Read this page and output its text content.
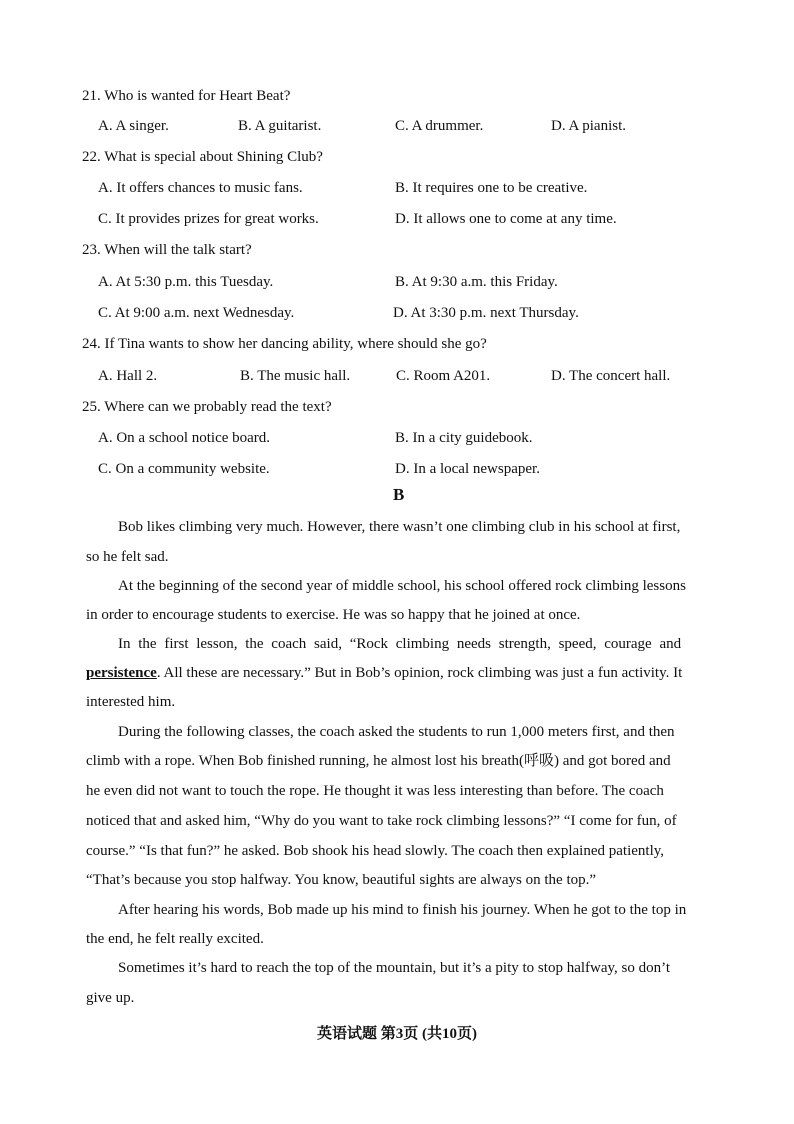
21. Who is wanted for Heart Beat?
A. A singer.	B. A guitarist.	C. A drummer.	D. A pianist.
22. What is special about Shining Club?
A. It offers chances to music fans.	B. It requires one to be creative.
C. It provides prizes for great works.	D. It allows one to come at any time.
23. When will the talk start?
A. At 5:30 p.m. this Tuesday.	B. At 9:30 a.m. this Friday.
C. At 9:00 a.m. next Wednesday.	D. At 3:30 p.m. next Thursday.
24. If Tina wants to show her dancing ability, where should she go?
A. Hall 2.	B. The music hall.	C. Room A201.	D. The concert hall.
25. Where can we probably read the text?
A. On a school notice board.	B. In a city guidebook.
C. On a community website.	D. In a local newspaper.
B
Bob likes climbing very much. However, there wasn’t one climbing club in his school at first,
so he felt sad.
At the beginning of the second year of middle school, his school offered rock climbing lessons
in order to encourage students to exercise. He was so happy that he joined at once.
In the first lesson, the coach said, “Rock climbing needs strength, speed, courage and
persistence. All these are necessary.” But in Bob’s opinion, rock climbing was just a fun activity. It
interested him.
During the following classes, the coach asked the students to run 1,000 meters first, and then
climb with a rope. When Bob finished running, he almost lost his breath(呼吸) and got bored and
he even did not want to touch the rope. He thought it was less interesting than before. The coach
noticed that and asked him, “Why do you want to take rock climbing lessons?” “I come for fun, of
course.” “Is that fun?” he asked. Bob shook his head slowly. The coach then explained patiently,
“That’s because you stop halfway. You know, beautiful sights are always on the top.”
After hearing his words, Bob made up his mind to finish his journey. When he got to the top in
the end, he felt really excited.
Sometimes it’s hard to reach the top of the mountain, but it’s a pity to stop halfway, so don’t
give up.
英语试题 第3页 (共10页)
